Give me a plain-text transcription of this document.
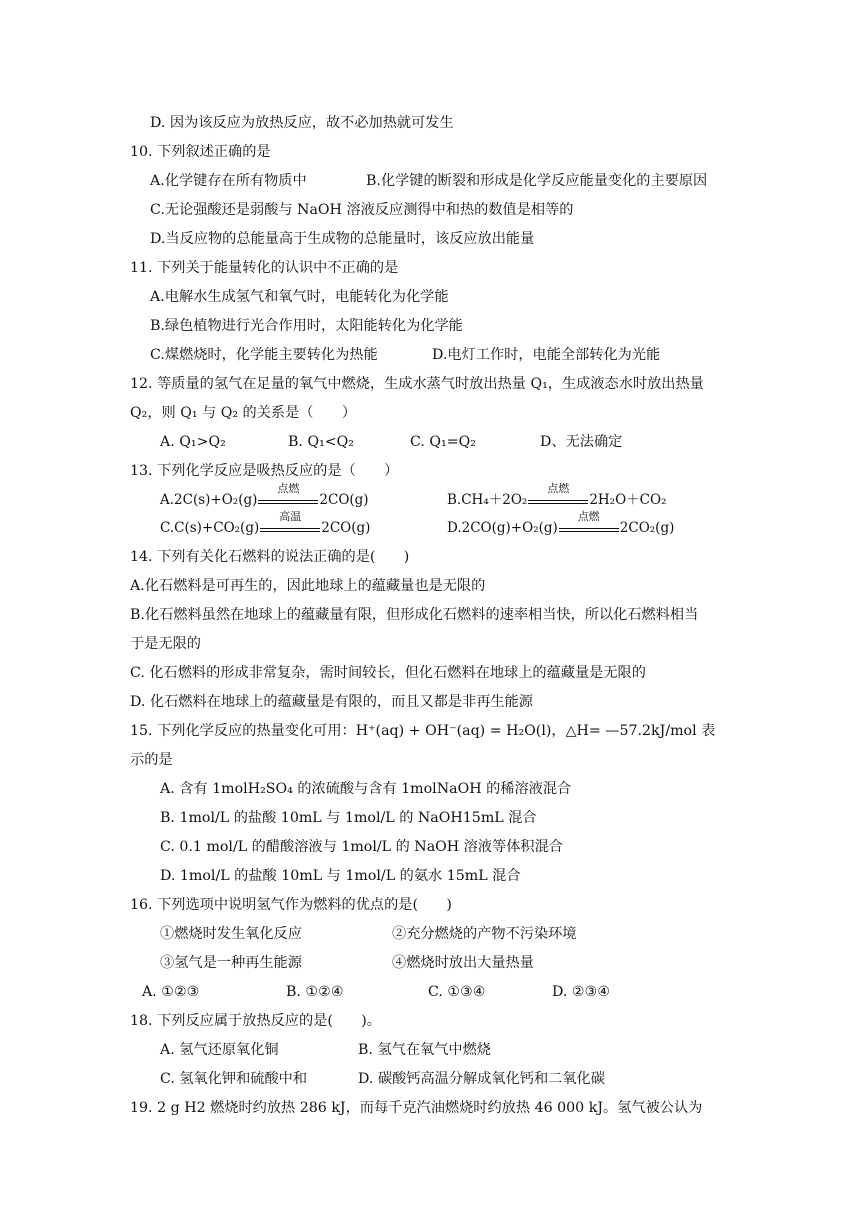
D. 因为该反应为放热反应，故不必加热就可发生
10. 下列叙述正确的是
A.化学键存在所有物质中	B.化学键的断裂和形成是化学反应能量变化的主要原因
C.无论强酸还是弱酸与 NaOH 溶液反应测得中和热的数值是相等的
D.当反应物的总能量高于生成物的总能量时，该反应放出能量
11. 下列关于能量转化的认识中不正确的是
A.电解水生成氢气和氧气时，电能转化为化学能
B.绿色植物进行光合作用时，太阳能转化为化学能
C.煤燃烧时，化学能主要转化为热能	D.电灯工作时，电能全部转化为光能
12. 等质量的氢气在足量的氧气中燃烧，生成水蒸气时放出热量 Q₁，生成液态水时放出热量
Q₂，则 Q₁ 与 Q₂ 的关系是（　　）
A. Q₁>Q₂	B. Q₁<Q₂	C. Q₁=Q₂	D、无法确定
13. 下列化学反应是吸热反应的是（　　）
A.2C(s)+O₂(g)
点燃
2CO(g)	B.CH₄＋2O₂
点燃
2H₂O＋CO₂
C.C(s)+CO₂(g)
高温
2CO(g)	D.2CO(g)+O₂(g)
点燃
2CO₂(g)
14. 下列有关化石燃料的说法正确的是(　　)
A.化石燃料是可再生的，因此地球上的蕴藏量也是无限的
B.化石燃料虽然在地球上的蕴藏量有限，但形成化石燃料的速率相当快，所以化石燃料相当
于是无限的
C. 化石燃料的形成非常复杂，需时间较长，但化石燃料在地球上的蕴藏量是无限的
D. 化石燃料在地球上的蕴藏量是有限的，而且又都是非再生能源
15. 下列化学反应的热量变化可用：H⁺(aq) + OH⁻(aq) = H₂O(l)，△H= —57.2kJ/mol 表
示的是
A. 含有 1molH₂SO₄ 的浓硫酸与含有 1molNaOH 的稀溶液混合
B. 1mol/L 的盐酸 10mL 与 1mol/L 的 NaOH15mL 混合
C. 0.1 mol/L 的醋酸溶液与 1mol/L 的 NaOH 溶液等体积混合
D. 1mol/L 的盐酸 10mL 与 1mol/L 的氨水 15mL 混合
16. 下列选项中说明氢气作为燃料的优点的是(　　)
①燃烧时发生氧化反应	②充分燃烧的产物不污染环境
③氢气是一种再生能源	④燃烧时放出大量热量
A. ①②③	B. ①②④	C. ①③④	D. ②③④
18. 下列反应属于放热反应的是(　　)。
A. 氢气还原氧化铜	B. 氢气在氧气中燃烧
C. 氢氧化钾和硫酸中和	D. 碳酸钙高温分解成氧化钙和二氧化碳
19. 2 g H2 燃烧时约放热 286 kJ，而每千克汽油燃烧时约放热 46 000 kJ。氢气被公认为
